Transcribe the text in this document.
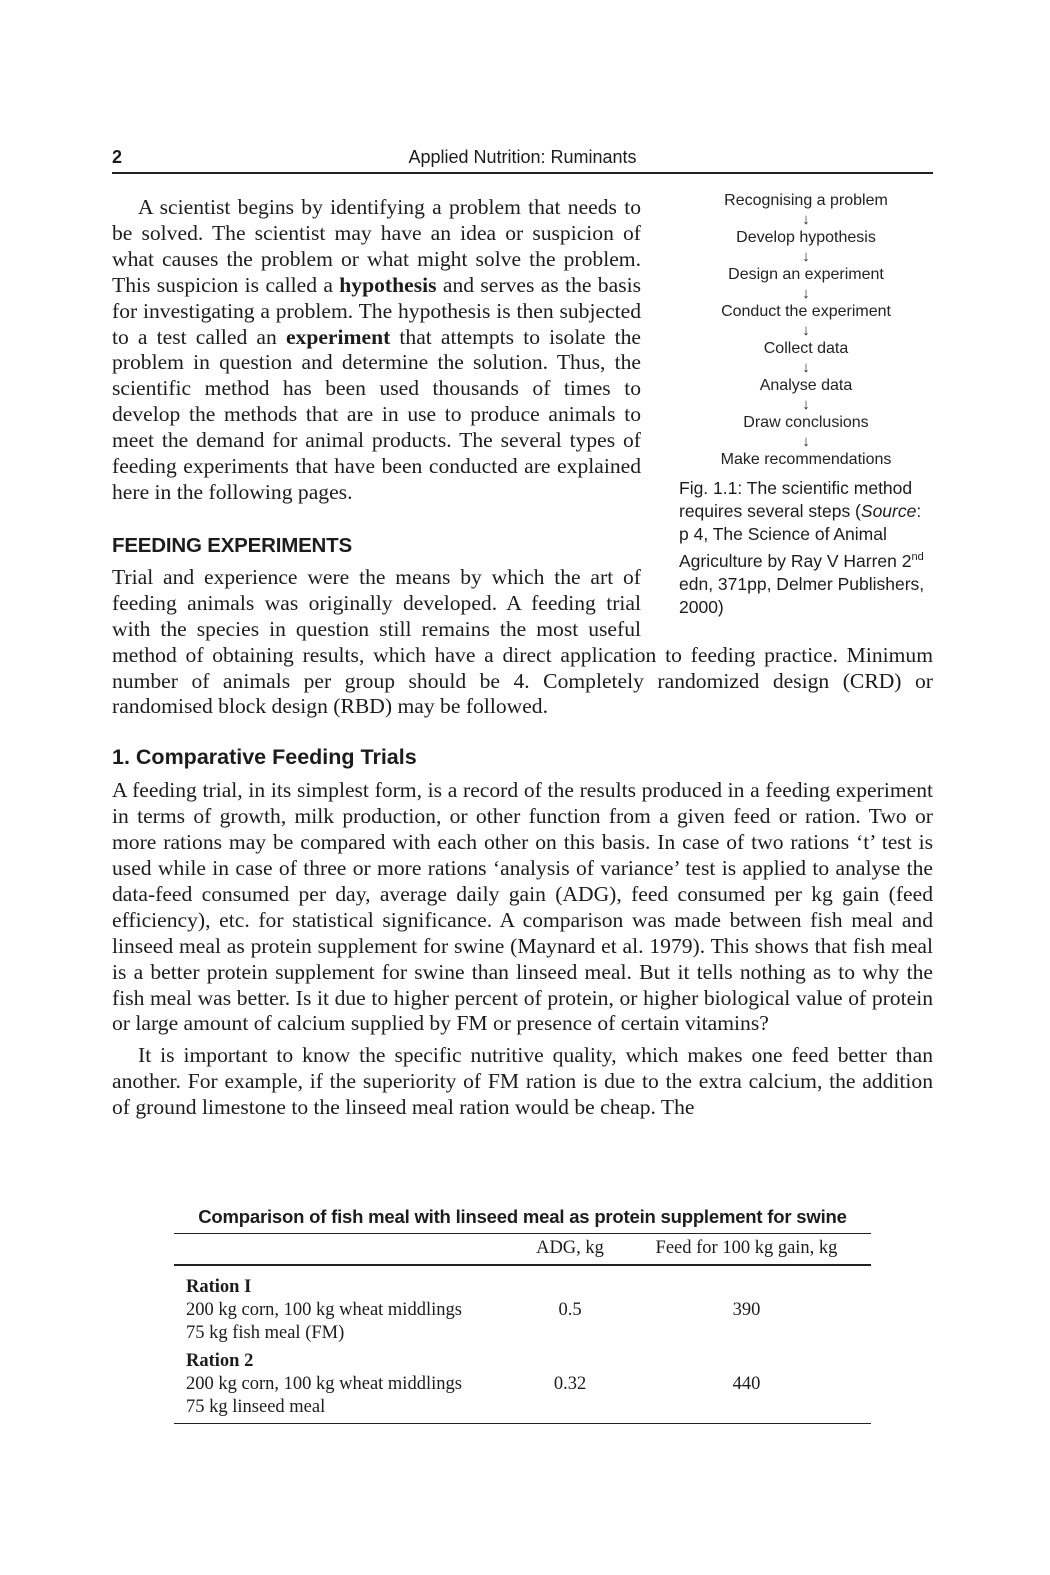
2	Applied Nutrition: Ruminants
Recognising a problem
↓
Develop hypothesis
↓
Design an experiment
↓
Conduct the experiment
↓
Collect data
↓
Analyse data
↓
Draw conclusions
↓
Make recommendations
Fig. 1.1: The scientific method requires several steps (Source: p 4, The Science of Animal Agriculture by Ray V Harren 2nd edn, 371pp, Delmer Publishers, 2000)

A scientist begins by identifying a problem that needs to be solved. The scientist may have an idea or suspicion of what causes the problem or what might solve the problem. This suspicion is called a hypothesis and serves as the basis for investigating a problem. The hypothesis is then subjected to a test called an experiment that attempts to isolate the problem in question and determine the solution. Thus, the scientific method has been used thousands of times to develop the methods that are in use to produce animals to meet the demand for animal products. The several types of feeding experiments that have been conducted are explained here in the following pages.

FEEDING EXPERIMENTS

Trial and experience were the means by which the art of feeding animals was originally developed. A feeding trial with the species in question still remains the most useful method of obtaining results, which have a direct application to feeding practice. Minimum number of animals per group should be 4. Completely randomized design (CRD) or randomised block design (RBD) may be followed.

1. Comparative Feeding Trials

A feeding trial, in its simplest form, is a record of the results produced in a feeding experiment in terms of growth, milk production, or other function from a given feed or ration. Two or more rations may be compared with each other on this basis. In case of two rations ‘t’ test is used while in case of three or more rations ‘analysis of variance’ test is applied to analyse the data-feed consumed per day, average daily gain (ADG), feed consumed per kg gain (feed efficiency), etc. for statistical significance. A comparison was made between fish meal and linseed meal as protein supplement for swine (Maynard et al. 1979). This shows that fish meal is a better protein supplement for swine than linseed meal. But it tells nothing as to why the fish meal was better. Is it due to higher percent of protein, or higher biological value of protein or large amount of calcium supplied by FM or presence of certain vitamins?

It is important to know the specific nutritive quality, which makes one feed better than another. For example, if the superiority of FM ration is due to the extra calcium, the addition of ground limestone to the linseed meal ration would be cheap. The

Comparison of fish meal with linseed meal as protein supplement for swine
ADG, kg	Feed for 100 kg gain, kg
Ration I
200 kg corn, 100 kg wheat middlings
75 kg fish meal (FM)
0.5	390
Ration 2
200 kg corn, 100 kg wheat middlings
75 kg linseed meal
0.32	440
